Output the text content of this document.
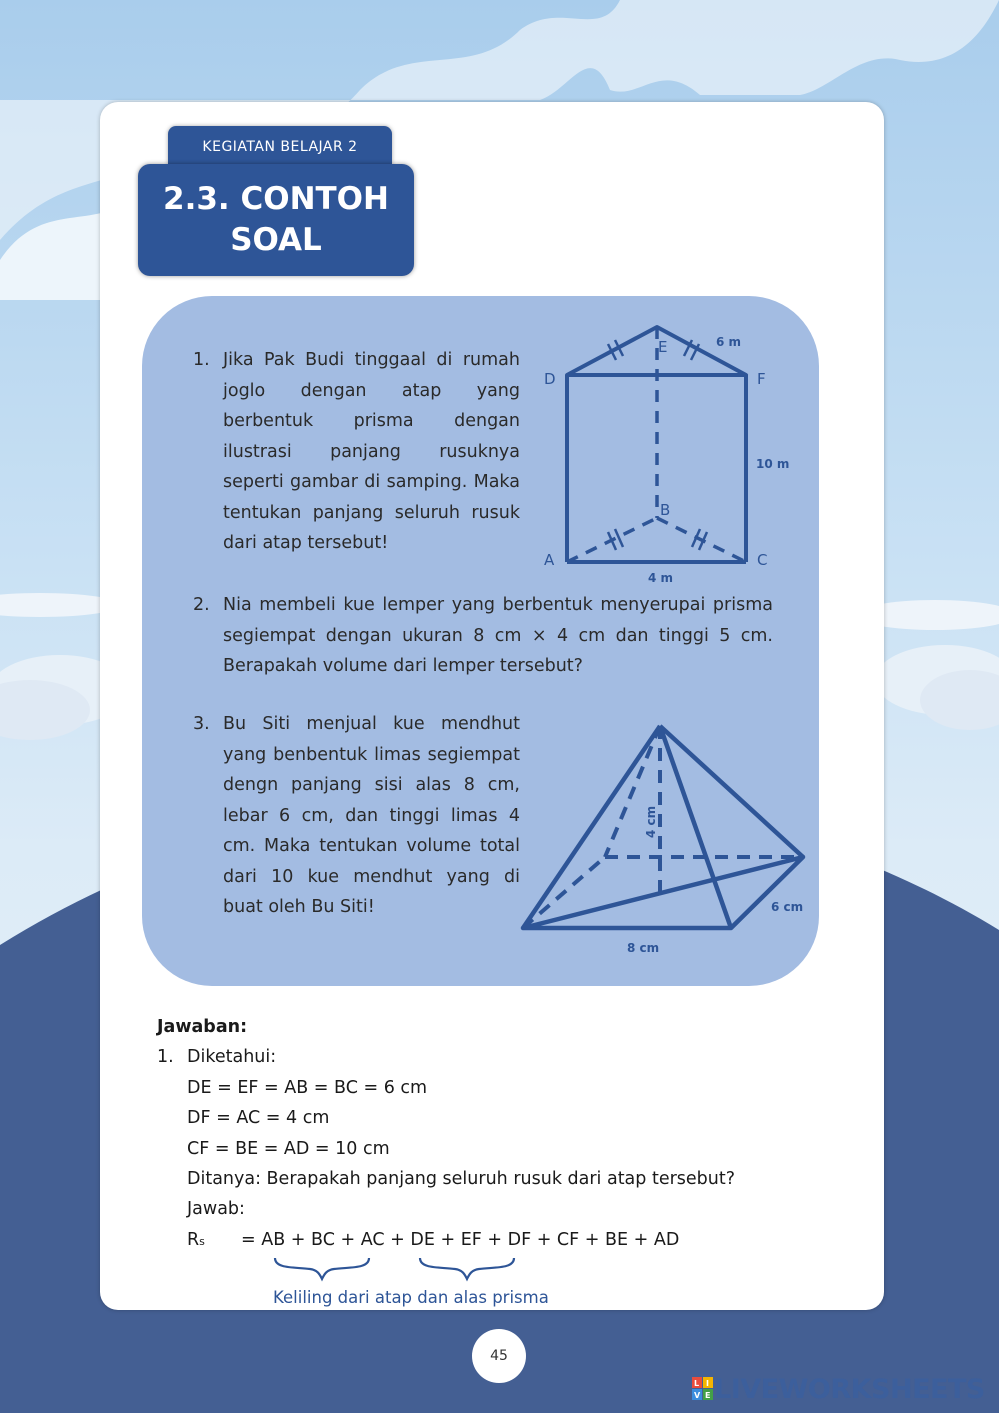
KEGIATAN BELAJAR 2
2.3. CONTOH SOAL
1. Jika Pak Budi tinggaal di rumah joglo dengan atap yang berbentuk prisma dengan ilustrasi panjang rusuknya seperti gambar di samping. Maka tentukan panjang seluruh rusuk dari atap tersebut!
D
E
F
A
B
C
6 m
10 m
4 m
2. Nia membeli kue lemper yang berbentuk menyerupai prisma segiempat dengan ukuran 8 cm × 4 cm dan tinggi 5 cm. Berapakah volume dari lemper tersebut?
3. Bu Siti menjual kue mendhut yang benbentuk limas segiempat dengn panjang sisi alas 8 cm, lebar 6 cm, dan tinggi limas 4 cm. Maka tentukan volume total dari 10 kue mendhut yang di buat oleh Bu Siti!
4 cm
6 cm
8 cm
Jawaban:
1. Diketahui:
DE = EF = AB = BC = 6 cm
DF = AC = 4 cm
CF = BE = AD = 10 cm
Ditanya: Berapakah panjang seluruh rusuk dari atap tersebut?
Jawab:
Rs = AB + BC + AC + DE + EF + DF + CF + BE + AD
Keliling dari atap dan alas prisma
45
L I
V E LIVEWORKSHEETS
